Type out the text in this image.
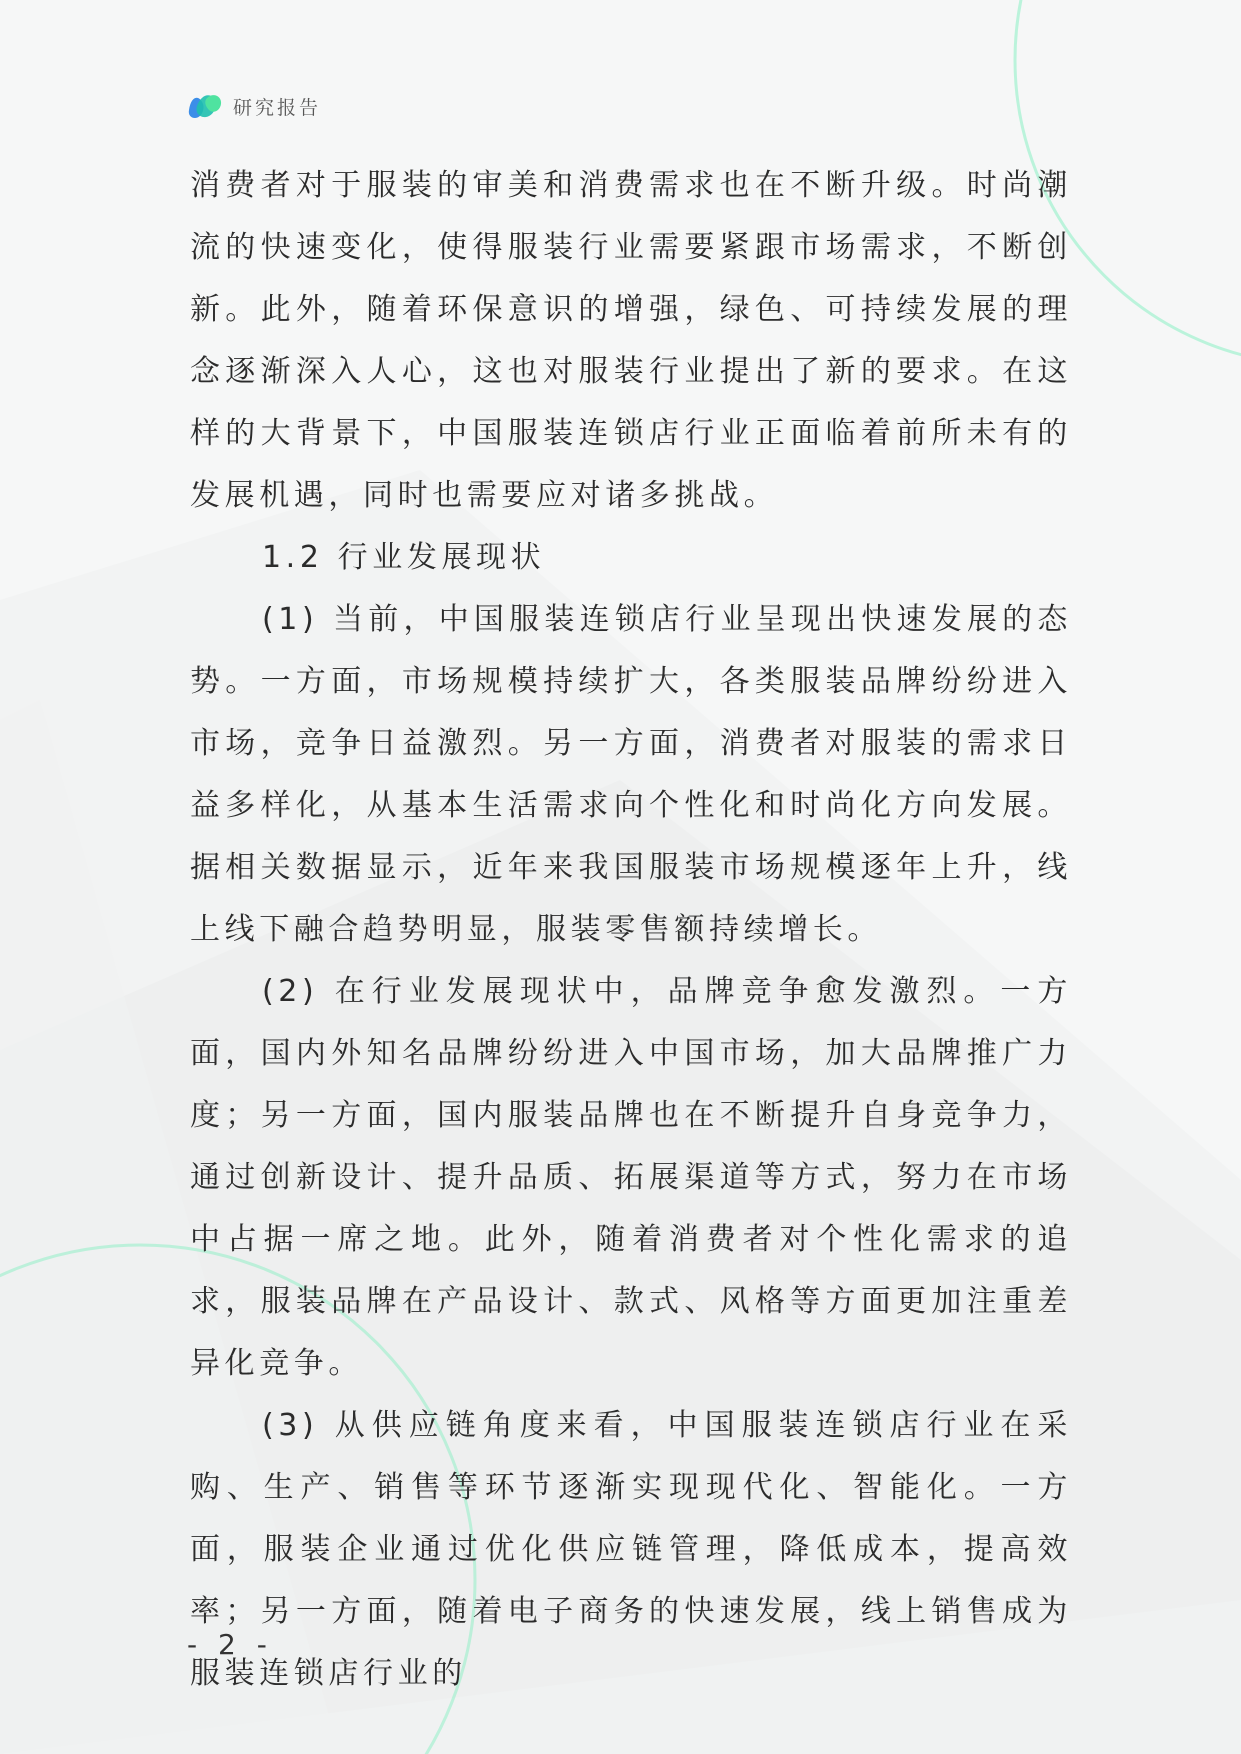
研究报告

消费者对于服装的审美和消费需求也在不断升级。时尚潮流的快速变化，使得服装行业需要紧跟市场需求，不断创新。此外，随着环保意识的增强，绿色、可持续发展的理念逐渐深入人心，这也对服装行业提出了新的要求。在这样的大背景下，中国服装连锁店行业正面临着前所未有的发展机遇，同时也需要应对诸多挑战。

1.2 行业发展现状

(1) 当前，中国服装连锁店行业呈现出快速发展的态势。一方面，市场规模持续扩大，各类服装品牌纷纷进入市场，竞争日益激烈。另一方面，消费者对服装的需求日益多样化，从基本生活需求向个性化和时尚化方向发展。据相关数据显示，近年来我国服装市场规模逐年上升，线上线下融合趋势明显，服装零售额持续增长。

(2) 在行业发展现状中，品牌竞争愈发激烈。一方面，国内外知名品牌纷纷进入中国市场，加大品牌推广力度；另一方面，国内服装品牌也在不断提升自身竞争力，通过创新设计、提升品质、拓展渠道等方式，努力在市场中占据一席之地。此外，随着消费者对个性化需求的追求，服装品牌在产品设计、款式、风格等方面更加注重差异化竞争。

(3) 从供应链角度来看，中国服装连锁店行业在采购、生产、销售等环节逐渐实现现代化、智能化。一方面，服装企业通过优化供应链管理，降低成本，提高效率；另一方面，随着电子商务的快速发展，线上销售成为服装连锁店行业的

- 2 -
